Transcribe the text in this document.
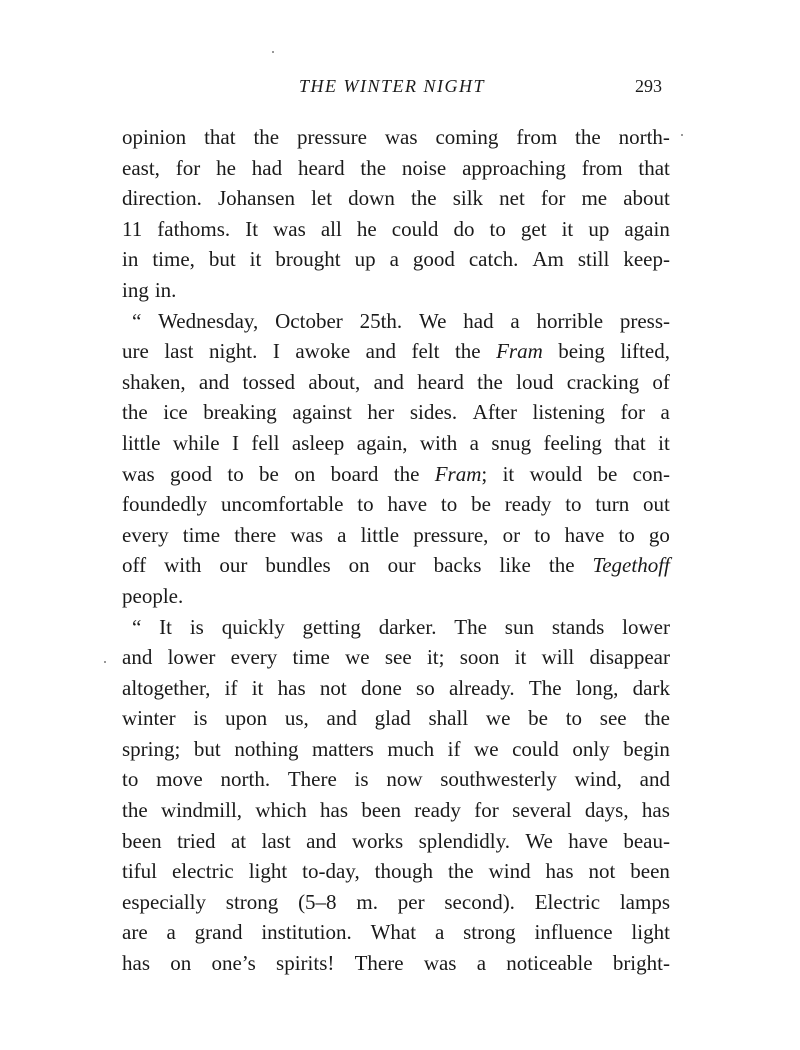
THE WINTER NIGHT	293
opinion that the pressure was coming from the north-
east, for he had heard the noise approaching from that
direction. Johansen let down the silk net for me about
11 fathoms. It was all he could do to get it up again
in time, but it brought up a good catch. Am still keep-
ing in.
“ Wednesday, October 25th. We had a horrible press-
ure last night. I awoke and felt the Fram being lifted,
shaken, and tossed about, and heard the loud cracking of
the ice breaking against her sides. After listening for a
little while I fell asleep again, with a snug feeling that it
was good to be on board the Fram; it would be con-
foundedly uncomfortable to have to be ready to turn out
every time there was a little pressure, or to have to go
off with our bundles on our backs like the Tegethoff
people.
“ It is quickly getting darker. The sun stands lower
and lower every time we see it; soon it will disappear
altogether, if it has not done so already. The long, dark
winter is upon us, and glad shall we be to see the
spring; but nothing matters much if we could only begin
to move north. There is now southwesterly wind, and
the windmill, which has been ready for several days, has
been tried at last and works splendidly. We have beau-
tiful electric light to-day, though the wind has not been
especially strong (5–8 m. per second). Electric lamps
are a grand institution. What a strong influence light
has on one’s spirits! There was a noticeable bright-
